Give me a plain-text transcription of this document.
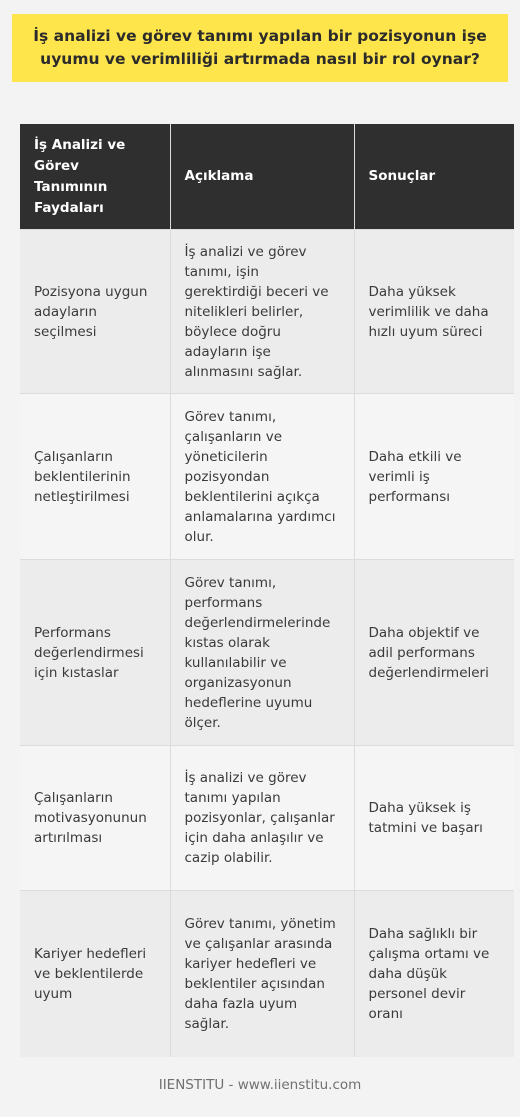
İş analizi ve görev tanımı yapılan bir pozisyonun işe uyumu ve verimliliği artırmada nasıl bir rol oynar?
İş Analizi ve Görev Tanımının Faydaları	Açıklama	Sonuçlar
Pozisyona uygun adayların seçilmesi	İş analizi ve görev tanımı, işin gerektirdiği beceri ve nitelikleri belirler, böylece doğru adayların işe alınmasını sağlar.	Daha yüksek verimlilik ve daha hızlı uyum süreci
Çalışanların beklentilerinin netleştirilmesi	Görev tanımı, çalışanların ve yöneticilerin pozisyondan beklentilerini açıkça anlamalarına yardımcı olur.	Daha etkili ve verimli iş performansı
Performans değerlendirmesi için kıstaslar	Görev tanımı, performans değerlendirmelerinde kıstas olarak kullanılabilir ve organizasyonun hedeflerine uyumu ölçer.	Daha objektif ve adil performans değerlendirmeleri
Çalışanların motivasyonunun artırılması	İş analizi ve görev tanımı yapılan pozisyonlar, çalışanlar için daha anlaşılır ve cazip olabilir.	Daha yüksek iş tatmini ve başarı
Kariyer hedefleri ve beklentilerde uyum	Görev tanımı, yönetim ve çalışanlar arasında kariyer hedefleri ve beklentiler açısından daha fazla uyum sağlar.	Daha sağlıklı bir çalışma ortamı ve daha düşük personel devir oranı
IIENSTITU - www.iienstitu.com
